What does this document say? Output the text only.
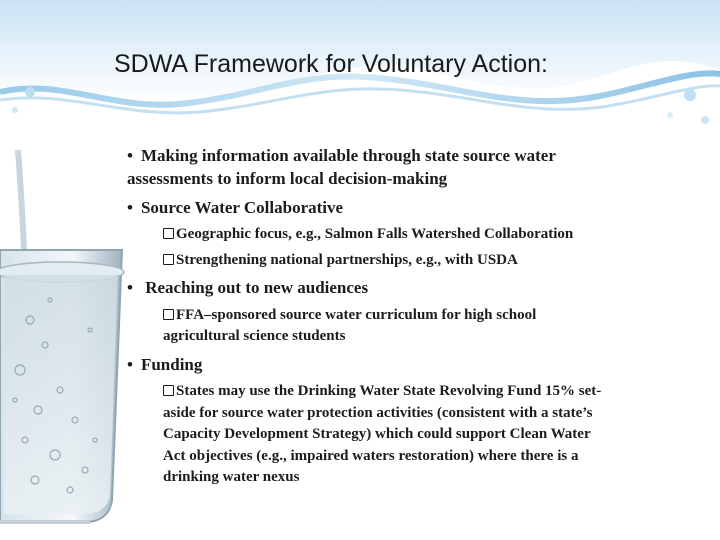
SDWA Framework for Voluntary Action:
• Making information available through state source water
assessments to inform local decision-making
• Source Water Collaborative
Geographic focus, e.g., Salmon Falls Watershed Collaboration
Strengthening national partnerships, e.g., with USDA
• Reaching out to new audiences
FFA–sponsored source water curriculum for high school
agricultural science students
• Funding
States may use the Drinking Water State Revolving Fund 15% set-
aside for source water protection activities (consistent with a state’s
Capacity Development Strategy) which could support Clean Water
Act objectives (e.g., impaired waters restoration) where there is a
drinking water nexus
